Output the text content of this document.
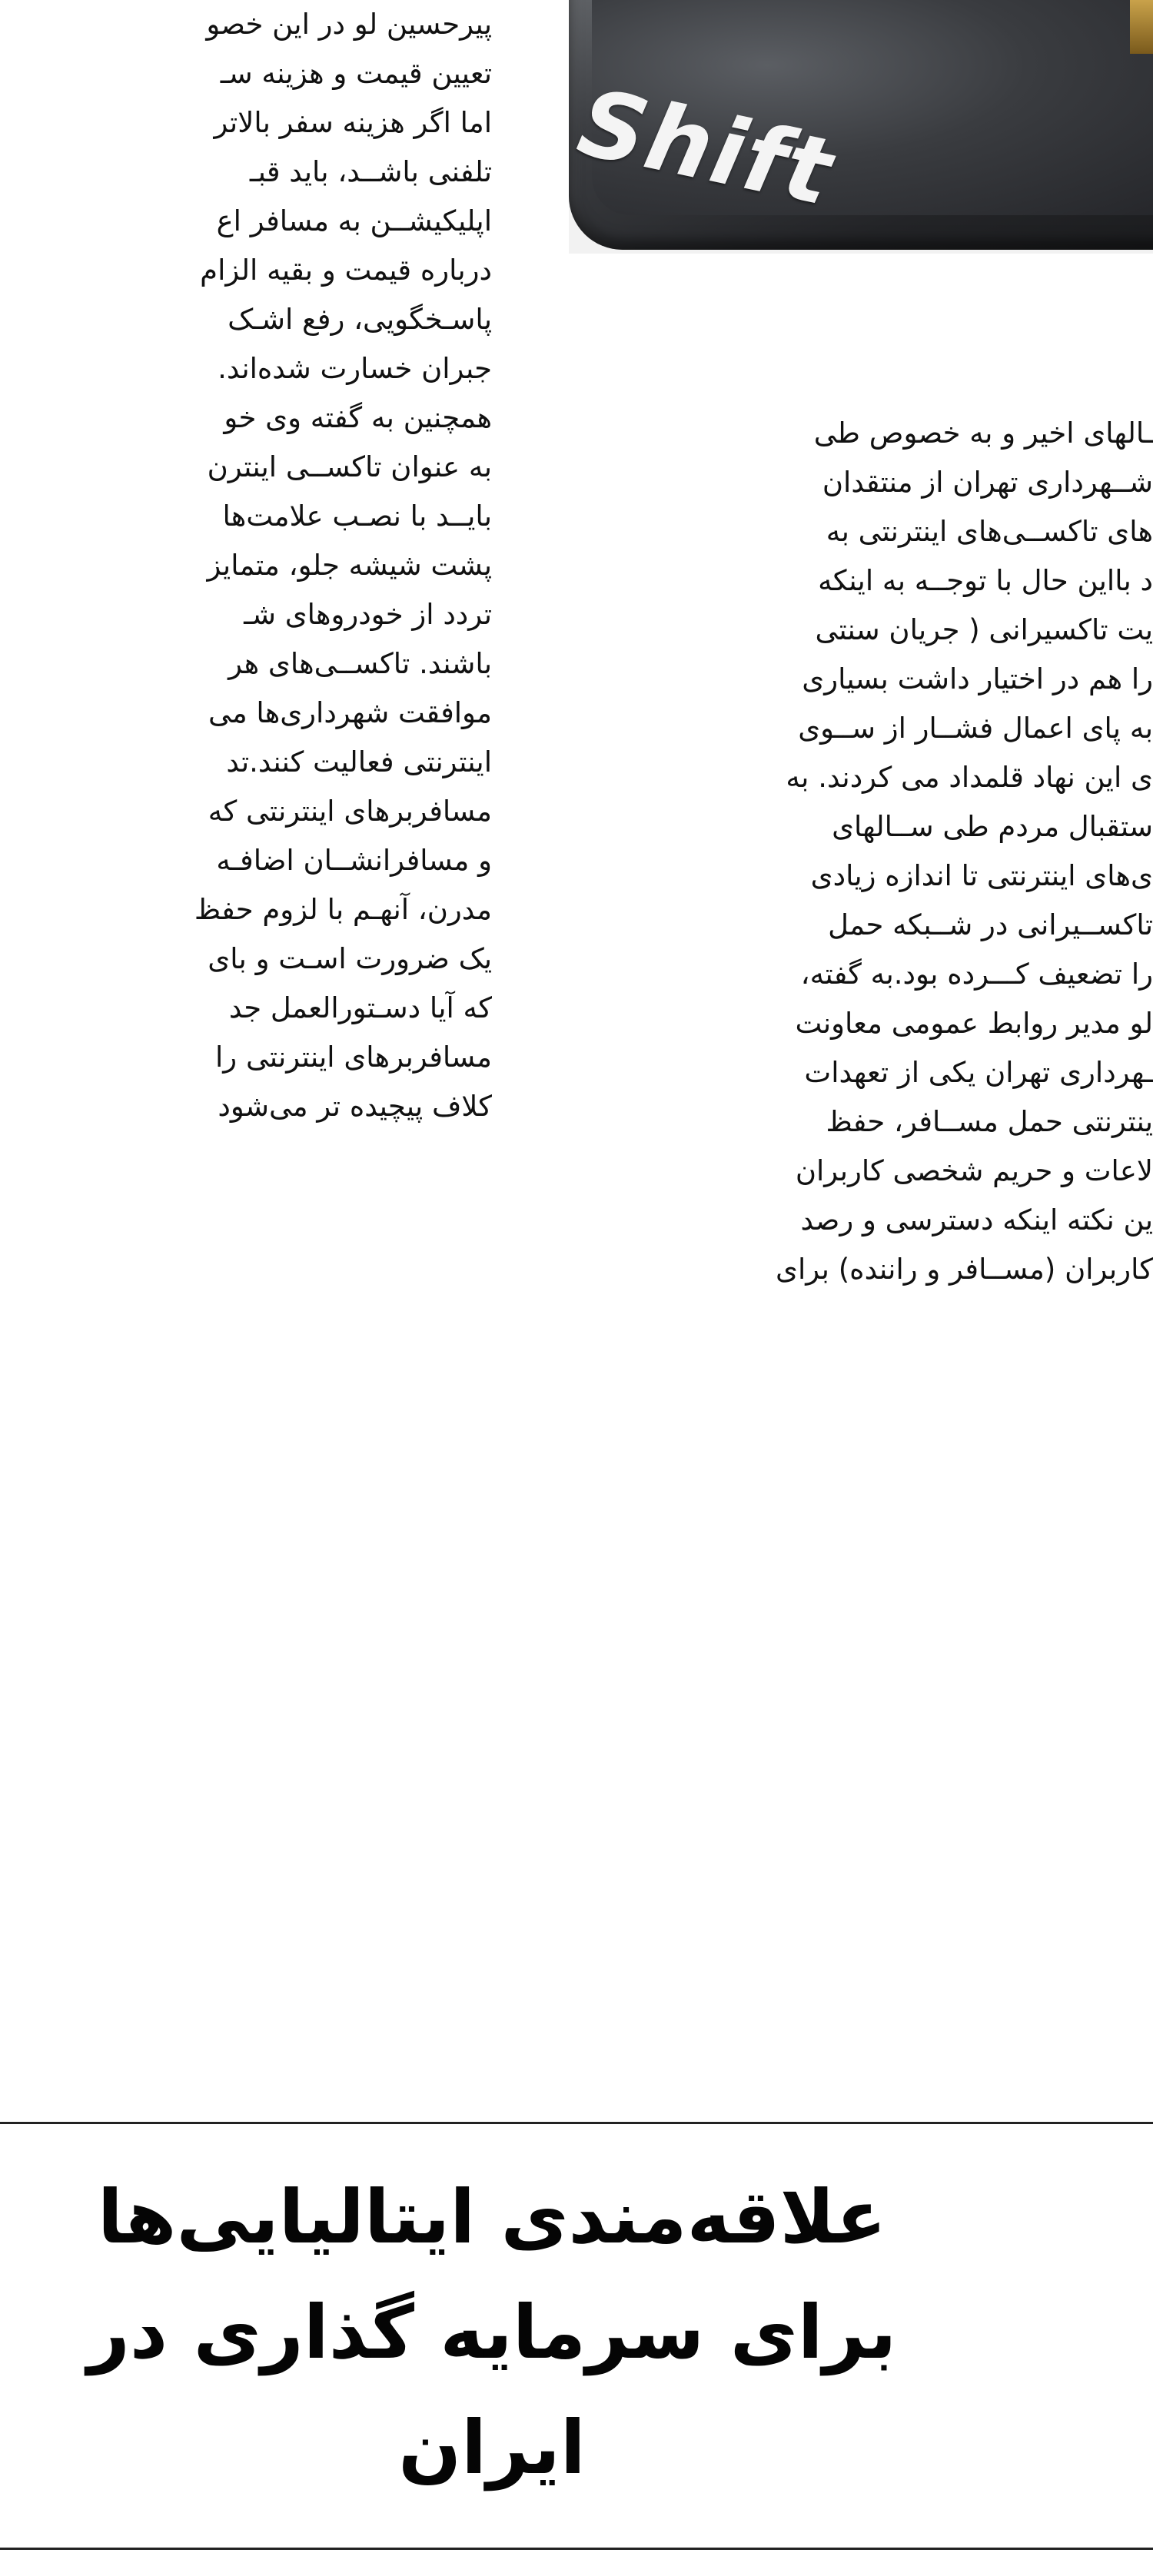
پیرحسین لو در این خصو
تعیین قیمت و هزینه سـ
اما اگر هزینه سفر بالاتر
تلفنی باشــد، باید قبـ
اپلیکیشــن به مسافر اع
درباره قیمت و بقیه الزام
پاسـخگویی، رفع اشـک
جبران خسارت شده‌اند.
همچنین به گفته وی خو
به عنوان تاکســی اینترن
بایــد با نصـب علامت‌ها
پشت شیشه جلو، متمایز
تردد از خودروهای شـ
باشند. تاکســی‌های هر
موافقت شهرداری‌ها می
اینترنتی فعالیت کنند.تد
مسافربرهای اینترنتی که
و مسافرانشــان اضافـه
مدرن، آنهـم با لزوم حفظ
یک ضرورت اسـت و بای
که آیا دسـتورالعمل جد
مسافربرهای اینترنتی را
کلاف پیچیده تر می‌شود
Shift
ـالهای اخیر و به خصوص طی
شــهرداری تهران از منتقدان
های تاکســی‌های اینترنتی به
د بااین حال با توجــه به اینکه
یت تاکسیرانی ( جریان سنتی
را هم در اختیار داشت بسیاری
به پای اعمال فشــار از ســوی
ی این نهاد قلمداد می کردند. به
ستقبال مردم طی ســالهای
ی‌های اینترنتی تا اندازه زیادی
تاکســیرانی در شــبکه حمل
را تضعیف کـــرده بود.به گفته،
لو مدیر روابط عمومی معاونت
ـهرداری تهران یکی از تعهدات
ینترنتی حمل مســافر، حفظ
لاعات و حریم شخصی کاربران
ین نکته اینکه دسترسی و رصد
کاربران (مســافر و راننده) برای
علاقه‌مندی ایتالیایی‌ها
برای سرمایه گذاری در ایران
